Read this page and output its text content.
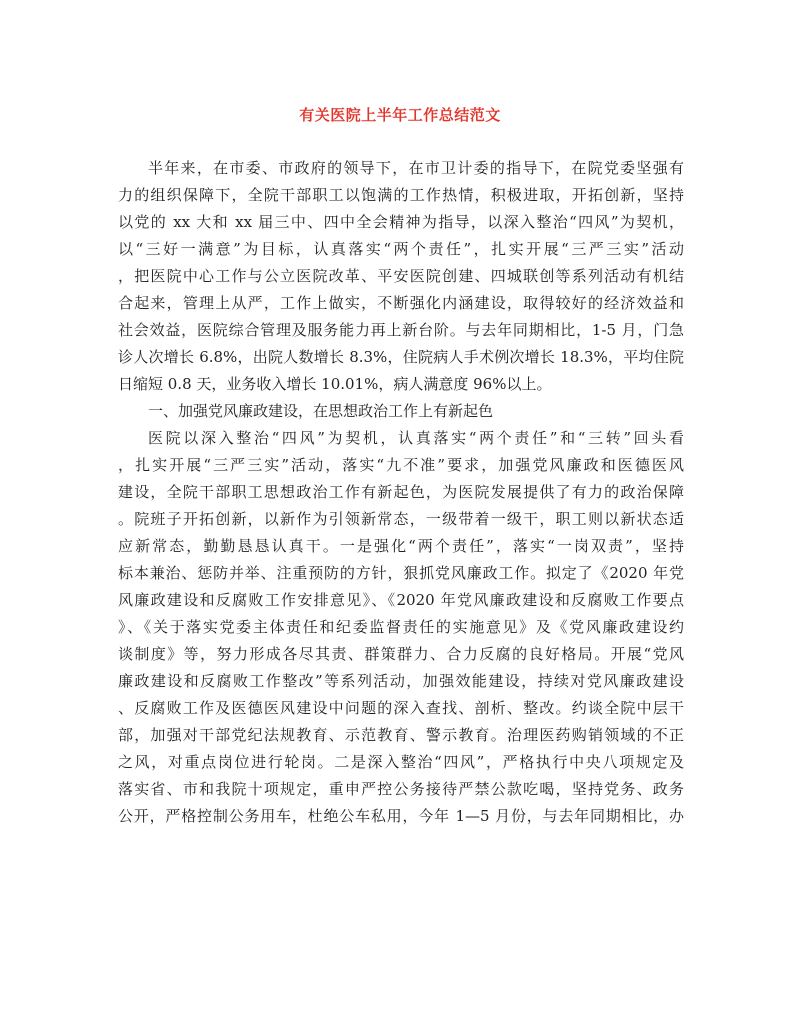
有关医院上半年工作总结范文
半年来，在市委、市政府的领导下，在市卫计委的指导下，在院党委坚强有
力的组织保障下，全院干部职工以饱满的工作热情，积极进取，开拓创新，坚持
以党的 xx 大和 xx 届三中、四中全会精神为指导，以深入整治“四风”为契机，
以“三好一满意”为目标，认真落实“两个责任”，扎实开展“三严三实”活动
，把医院中心工作与公立医院改革、平安医院创建、四城联创等系列活动有机结
合起来，管理上从严，工作上做实，不断强化内涵建设，取得较好的经济效益和
社会效益，医院综合管理及服务能力再上新台阶。与去年同期相比，1-5 月，门急
诊人次增长 6.8%，出院人数增长 8.3%，住院病人手术例次增长 18.3%，平均住院
日缩短 0.8 天，业务收入增长 10.01%，病人满意度 96%以上。
一、加强党风廉政建设，在思想政治工作上有新起色
医院以深入整治“四风”为契机，认真落实“两个责任”和“三转”回头看
，扎实开展“三严三实”活动，落实“九不准”要求，加强党风廉政和医德医风
建设，全院干部职工思想政治工作有新起色，为医院发展提供了有力的政治保障
。院班子开拓创新，以新作为引领新常态，一级带着一级干，职工则以新状态适
应新常态，勤勤恳恳认真干。一是强化“两个责任”，落实“一岗双责”，坚持
标本兼治、惩防并举、注重预防的方针，狠抓党风廉政工作。拟定了《2020 年党
风廉政建设和反腐败工作安排意见》、《2020 年党风廉政建设和反腐败工作要点
》、《关于落实党委主体责任和纪委监督责任的实施意见》及《党风廉政建设约
谈制度》等，努力形成各尽其责、群策群力、合力反腐的良好格局。开展“党风
廉政建设和反腐败工作整改”等系列活动，加强效能建设，持续对党风廉政建设
、反腐败工作及医德医风建设中问题的深入查找、剖析、整改。约谈全院中层干
部，加强对干部党纪法规教育、示范教育、警示教育。治理医药购销领域的不正
之风，对重点岗位进行轮岗。二是深入整治“四风”，严格执行中央八项规定及
落实省、市和我院十项规定，重申严控公务接待严禁公款吃喝，坚持党务、政务
公开，严格控制公务用车，杜绝公车私用，今年 1—5 月份，与去年同期相比，办
